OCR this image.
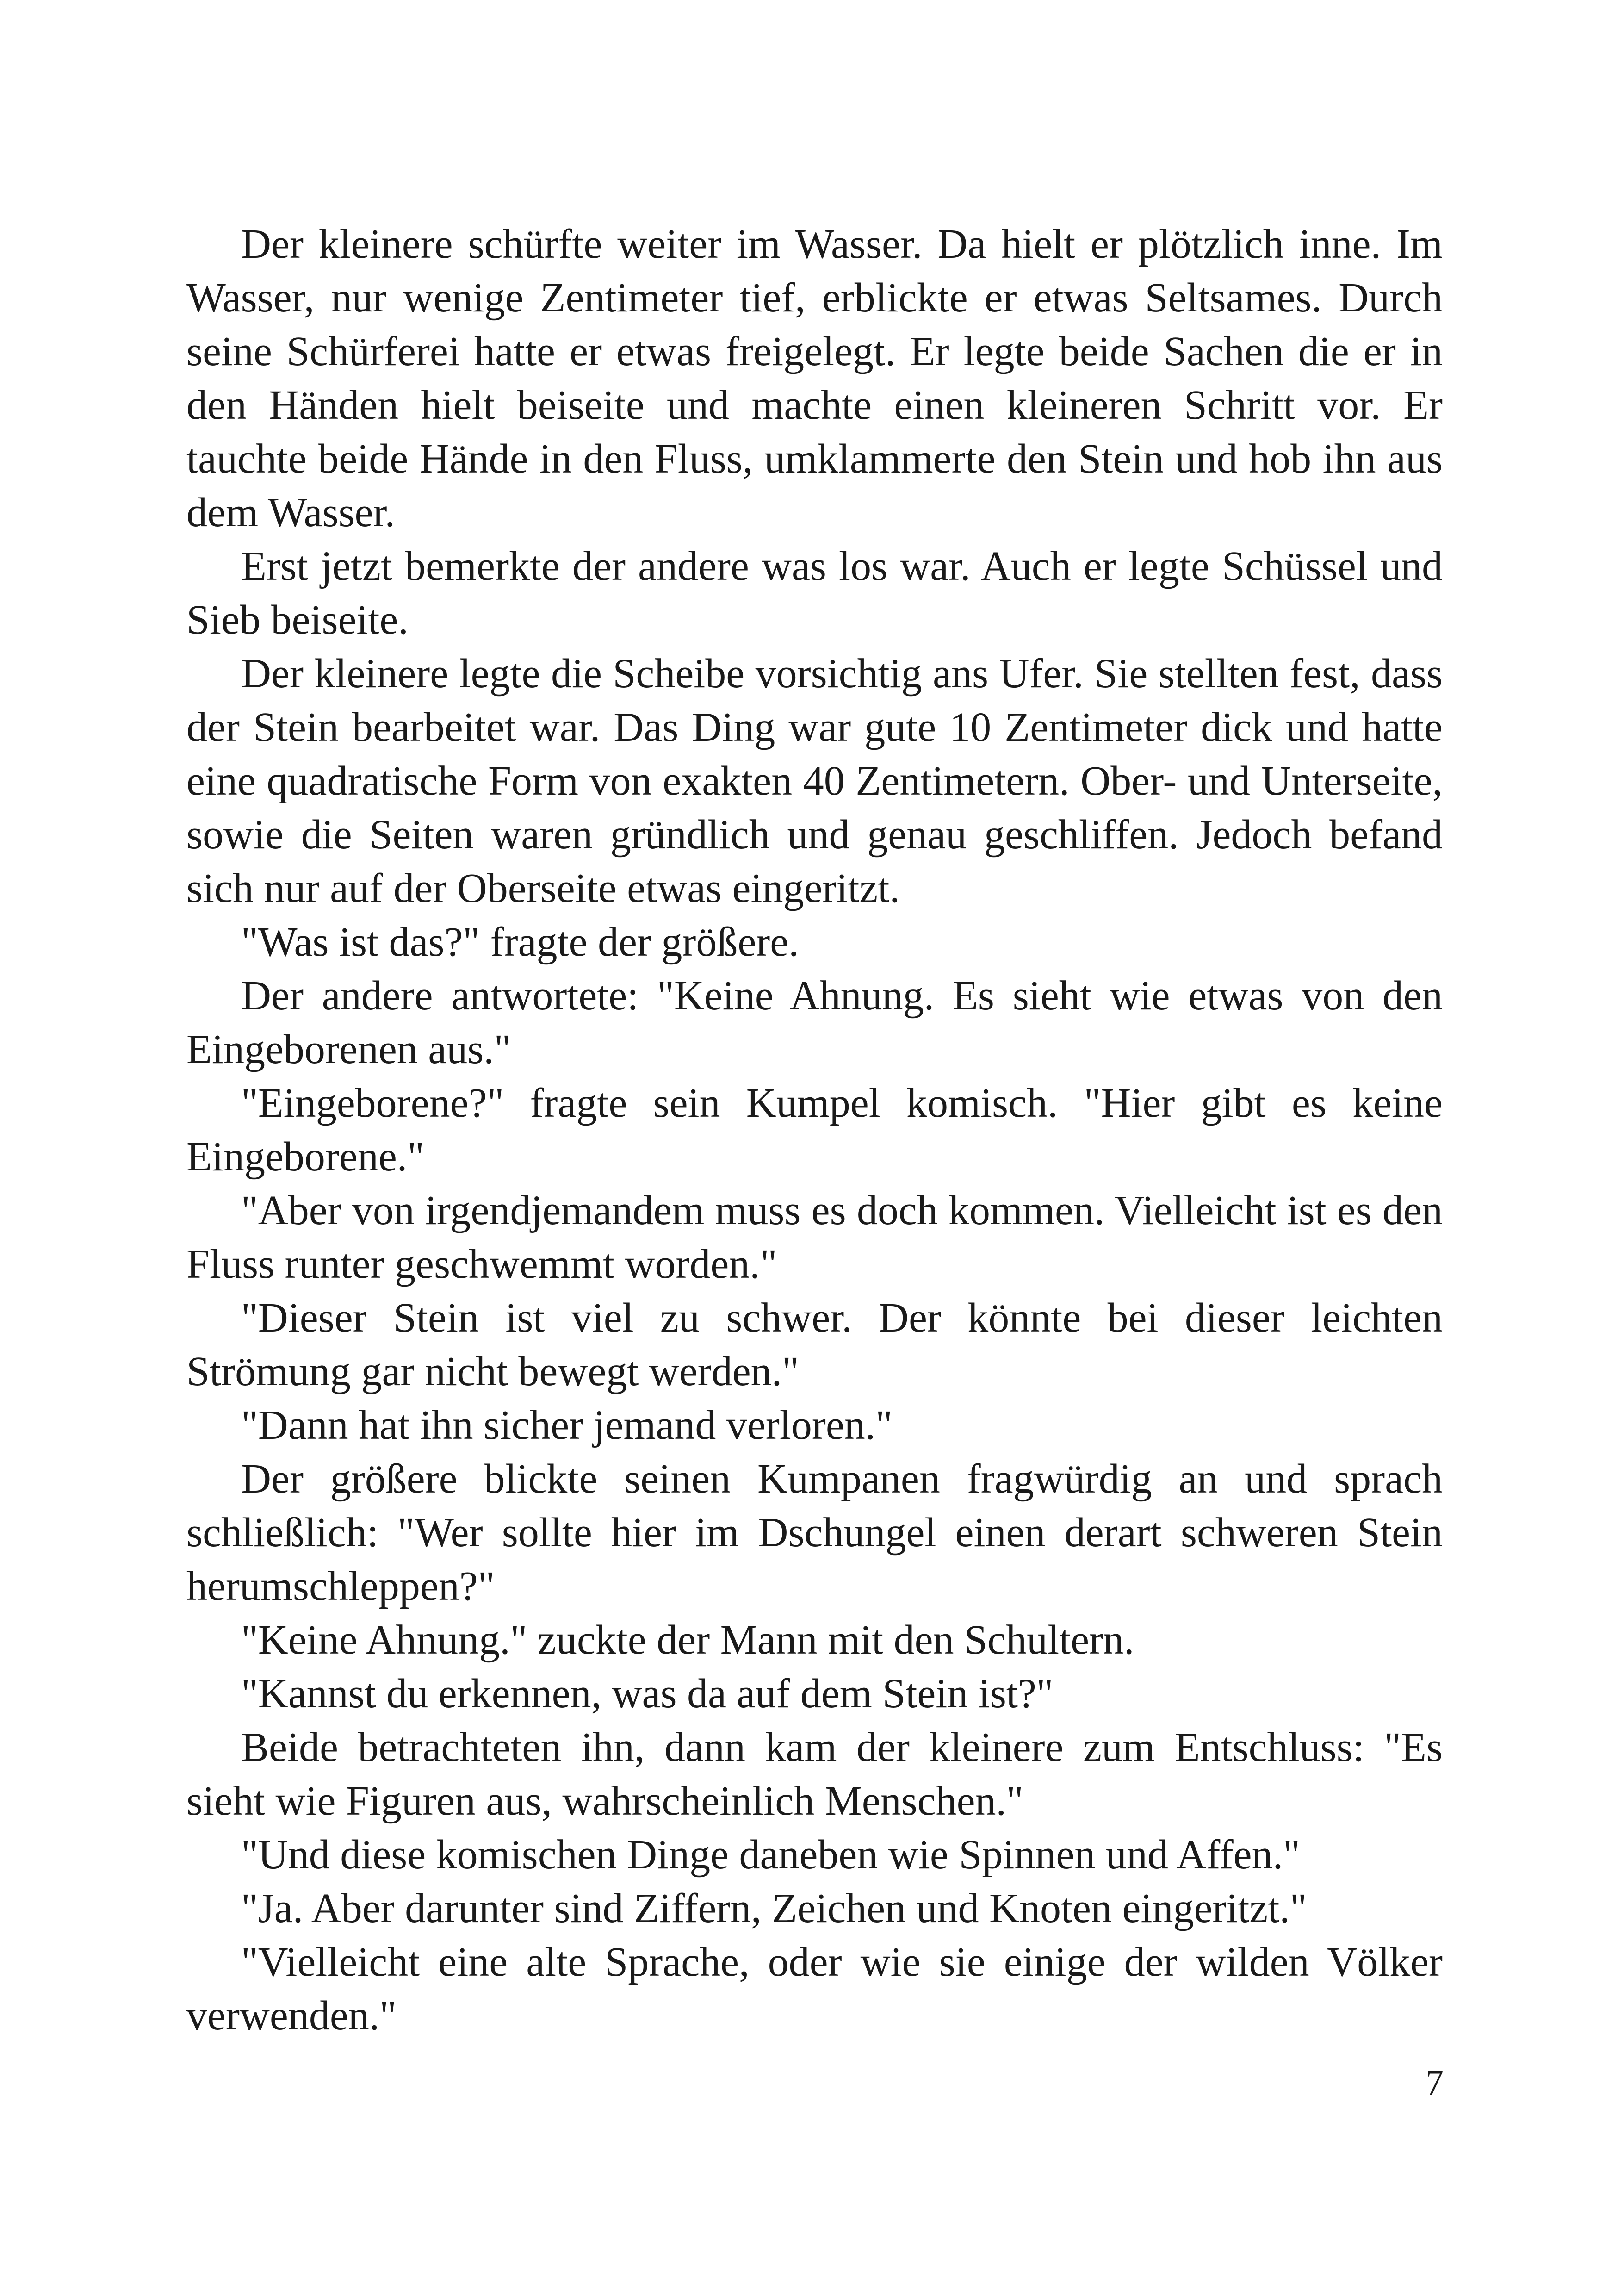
Der kleinere schürfte weiter im Wasser. Da hielt er plötzlich inne. Im Wasser, nur wenige Zentimeter tief, erblickte er etwas Seltsames. Durch seine Schürferei hatte er etwas freigelegt. Er legte beide Sachen die er in den Händen hielt beiseite und machte einen kleineren Schritt vor. Er tauchte beide Hände in den Fluss, umklammerte den Stein und hob ihn aus dem Wasser.

Erst jetzt bemerkte der andere was los war. Auch er legte Schüssel und Sieb beiseite.

Der kleinere legte die Scheibe vorsichtig ans Ufer. Sie stellten fest, dass der Stein bearbeitet war. Das Ding war gute 10 Zentimeter dick und hatte eine quadratische Form von exakten 40 Zentimetern. Ober- und Unterseite, sowie die Seiten waren gründlich und genau geschliffen. Jedoch befand sich nur auf der Oberseite etwas eingeritzt.

"Was ist das?" fragte der größere.

Der andere antwortete: "Keine Ahnung. Es sieht wie etwas von den Eingeborenen aus."

"Eingeborene?" fragte sein Kumpel komisch. "Hier gibt es keine Eingeborene."

"Aber von irgendjemandem muss es doch kommen. Vielleicht ist es den Fluss runter geschwemmt worden."

"Dieser Stein ist viel zu schwer. Der könnte bei dieser leichten Strömung gar nicht bewegt werden."

"Dann hat ihn sicher jemand verloren."

Der größere blickte seinen Kumpanen fragwürdig an und sprach schließlich: "Wer sollte hier im Dschungel einen derart schweren Stein herumschleppen?"

"Keine Ahnung." zuckte der Mann mit den Schultern.

"Kannst du erkennen, was da auf dem Stein ist?"

Beide betrachteten ihn, dann kam der kleinere zum Entschluss: "Es sieht wie Figuren aus, wahrscheinlich Menschen."

"Und diese komischen Dinge daneben wie Spinnen und Affen."

"Ja. Aber darunter sind Ziffern, Zeichen und Knoten eingeritzt."

"Vielleicht eine alte Sprache, oder wie sie einige der wilden Völker verwenden."

7
